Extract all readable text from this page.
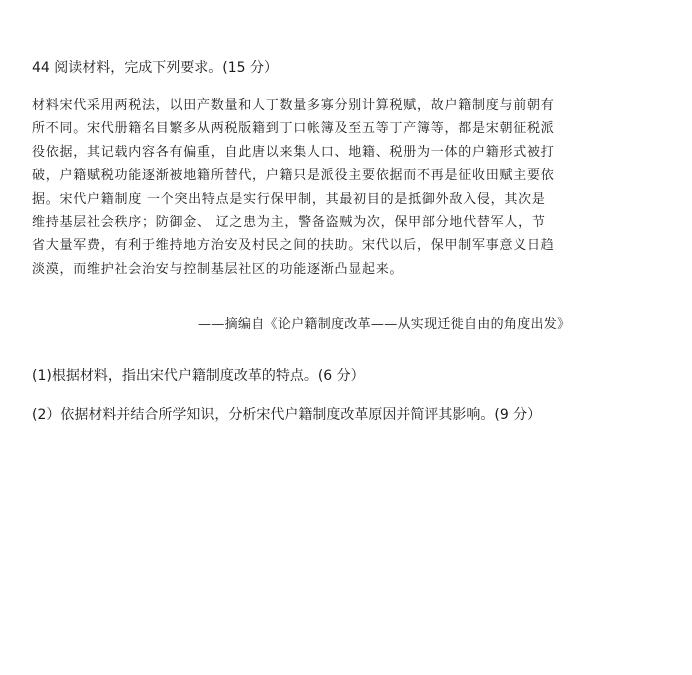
44 阅读材料，完成下列要求。(15 分）
材料宋代采用两税法，以田产数量和人丁数量多寡分别计算税赋，故户籍制度与前朝有
所不同。宋代册籍名目繁多从两税版籍到丁口帐簿及至五等丁产簿等，都是宋朝征税派
役依据，其记载内容各有偏重，自此唐以来集人口、地籍、税册为一体的户籍形式被打
破，户籍赋税功能逐渐被地籍所替代，户籍只是派役主要依据而不再是征收田赋主要依
据。宋代户籍制度 一个突出特点是实行保甲制，其最初目的是抵御外敌入侵，其次是
维持基层社会秩序；防御金、 辽之患为主，警备盗贼为次，保甲部分地代替军人，节
省大量军费，有利于维持地方治安及村民之间的扶助。宋代以后，保甲制军事意义日趋
淡漠，而维护社会治安与控制基层社区的功能逐渐凸显起来。
——摘编自《论户籍制度改革——从实现迁徙自由的角度出发》
(1)根据材料，指出宋代户籍制度改革的特点。(6 分）
(2）依据材料并结合所学知识，分析宋代户籍制度改革原因并简评其影响。(9 分）
